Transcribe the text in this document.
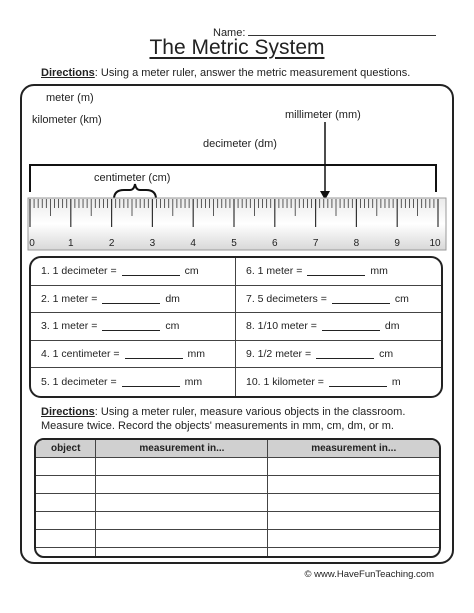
Name:
The Metric System
Directions: Using a meter ruler, answer the metric measurement questions.
meter (m)
kilometer (km)	millimeter (mm)
decimeter (dm)
centimeter (cm)
0	1	2	3	4	5	6	7	8	9	10
1. 1 decimeter =	cm	6. 1 meter =	mm
2. 1 meter =	dm	7. 5 decimeters =	cm
3. 1 meter =	cm	8. 1/10 meter =	dm
4. 1 centimeter =	mm	9. 1/2 meter =	cm
5. 1 decimeter =	mm	10. 1 kilometer =	m
Directions: Using a meter ruler, measure various objects in the classroom. Measure twice. Record the objects' measurements in mm, cm, dm, or m.
object	measurement in...	measurement in...

© www.HaveFunTeaching.com
